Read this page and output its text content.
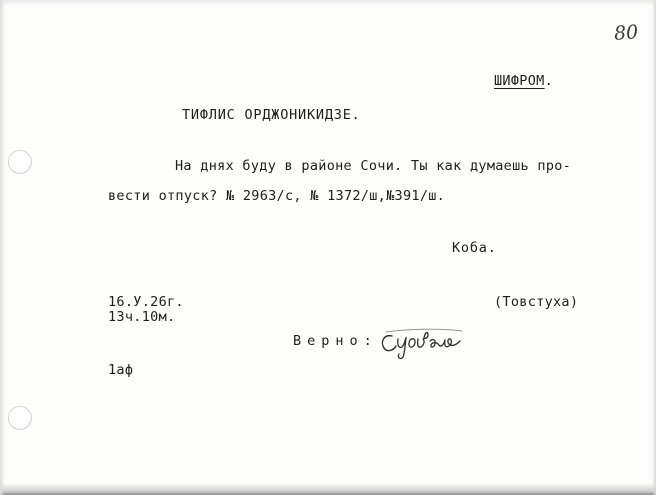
80
ШИФРОМ.
ТИФЛИС ОРДЖОНИКИДЗЕ.
На днях буду в районе Сочи. Ты как думаешь про-
вести отпуск? № 2963/с, № 1372/ш,№391/ш.
Коба.
16.У.26г.
13ч.10м.
(Товстуха)
Верно:
1аф
